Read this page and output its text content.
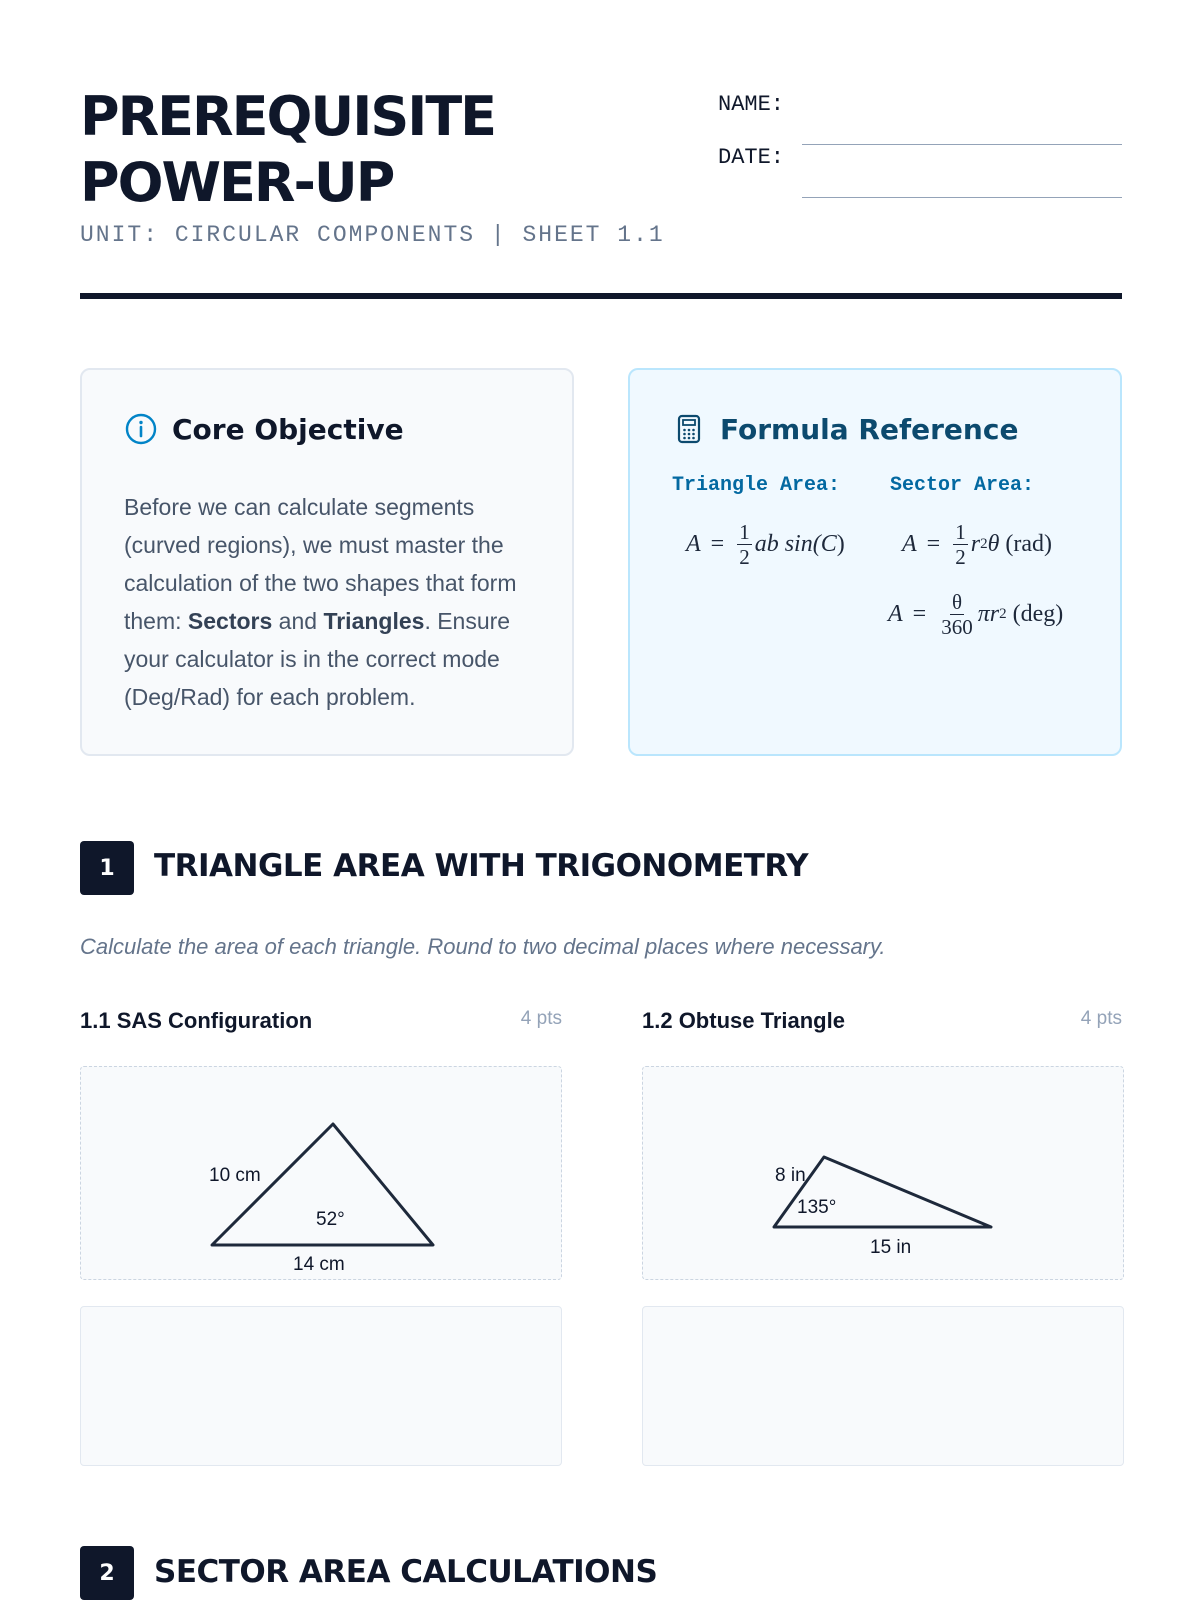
PREREQUISITE
POWER-UP
UNIT: CIRCULAR COMPONENTS | SHEET 1.1
NAME:
DATE:
Core Objective
Before we can calculate segments (curved regions), we must master the calculation of the two shapes that form them: Sectors and Triangles. Ensure your calculator is in the correct mode (Deg/Rad) for each problem.
Formula Reference
Triangle Area: Sector Area:
$A = \frac{1}{2}$ ab sin(C) $A = \frac{1}{2}$ r 2 θ (rad)
$A = \frac{\theta}{360}$ πr 2 (deg)
1	TRIANGLE AREA WITH TRIGONOMETRY
Calculate the area of each triangle. Round to two decimal places where necessary.
1.1 SAS Configuration	4 pts
10 cm
52°
14 cm
1.2 Obtuse Triangle	4 pts
8 in
135°
15 in
2	SECTOR AREA CALCULATIONS
